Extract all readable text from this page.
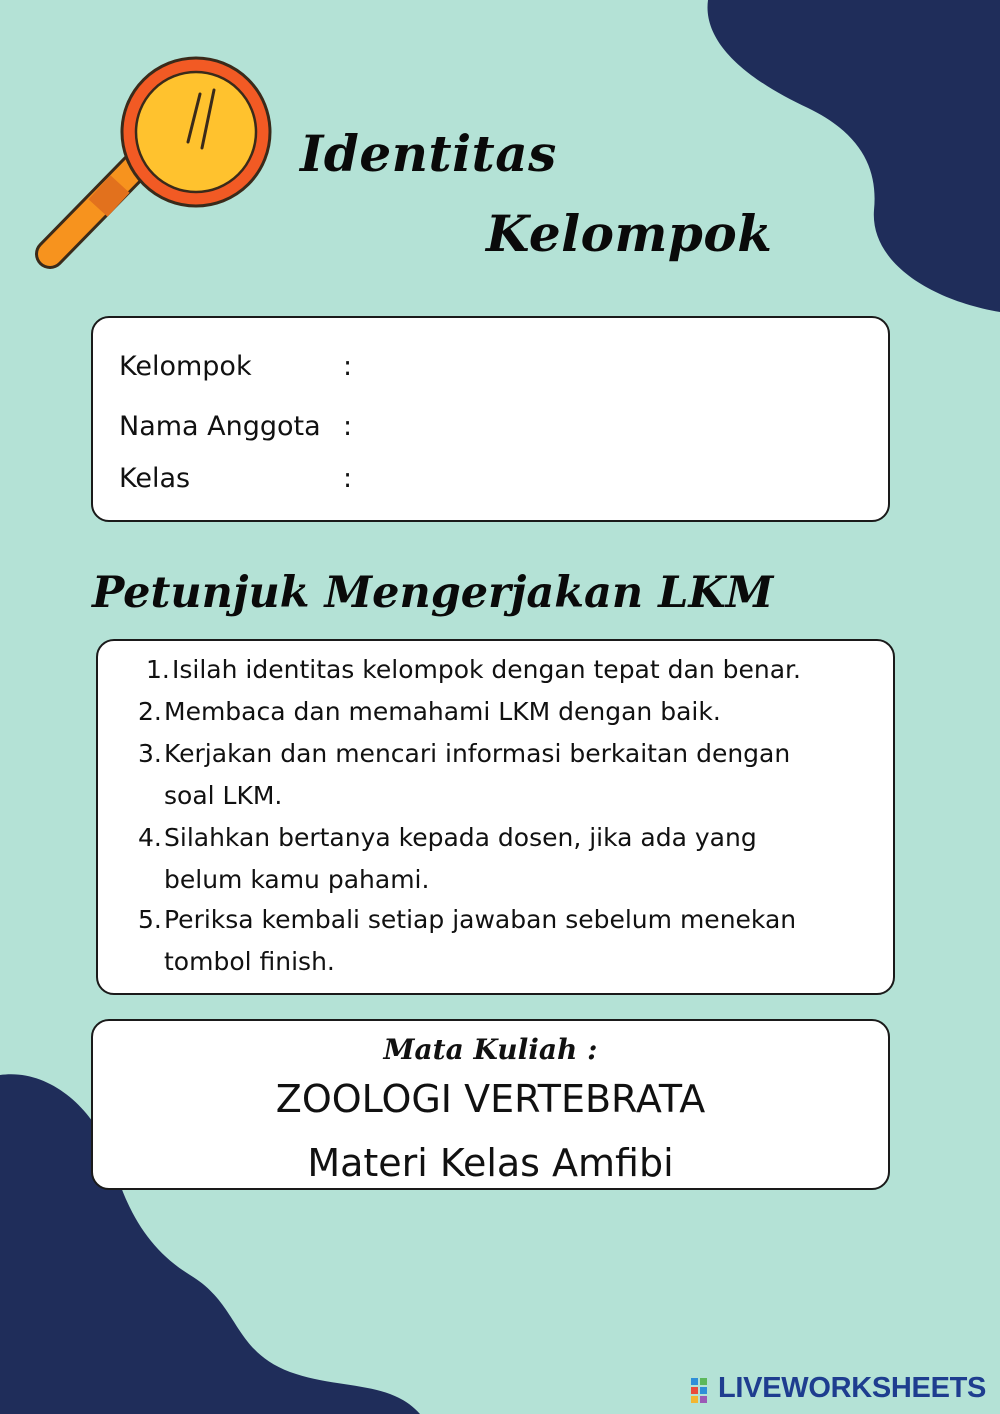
Identitas
Kelompok
Kelompok	:
Nama Anggota :
Kelas	:
Petunjuk Mengerjakan LKM
1. Isilah identitas kelompok dengan tepat dan benar.
2. Membaca dan memahami LKM dengan baik.
3. Kerjakan dan mencari informasi berkaitan dengan
soal LKM.
4. Silahkan bertanya kepada dosen, jika ada yang
belum kamu pahami.
5. Periksa kembali setiap jawaban sebelum menekan
tombol finish.
Mata Kuliah :
ZOOLOGI VERTEBRATA
Materi Kelas Amfibi
LIVEWORKSHEETS
